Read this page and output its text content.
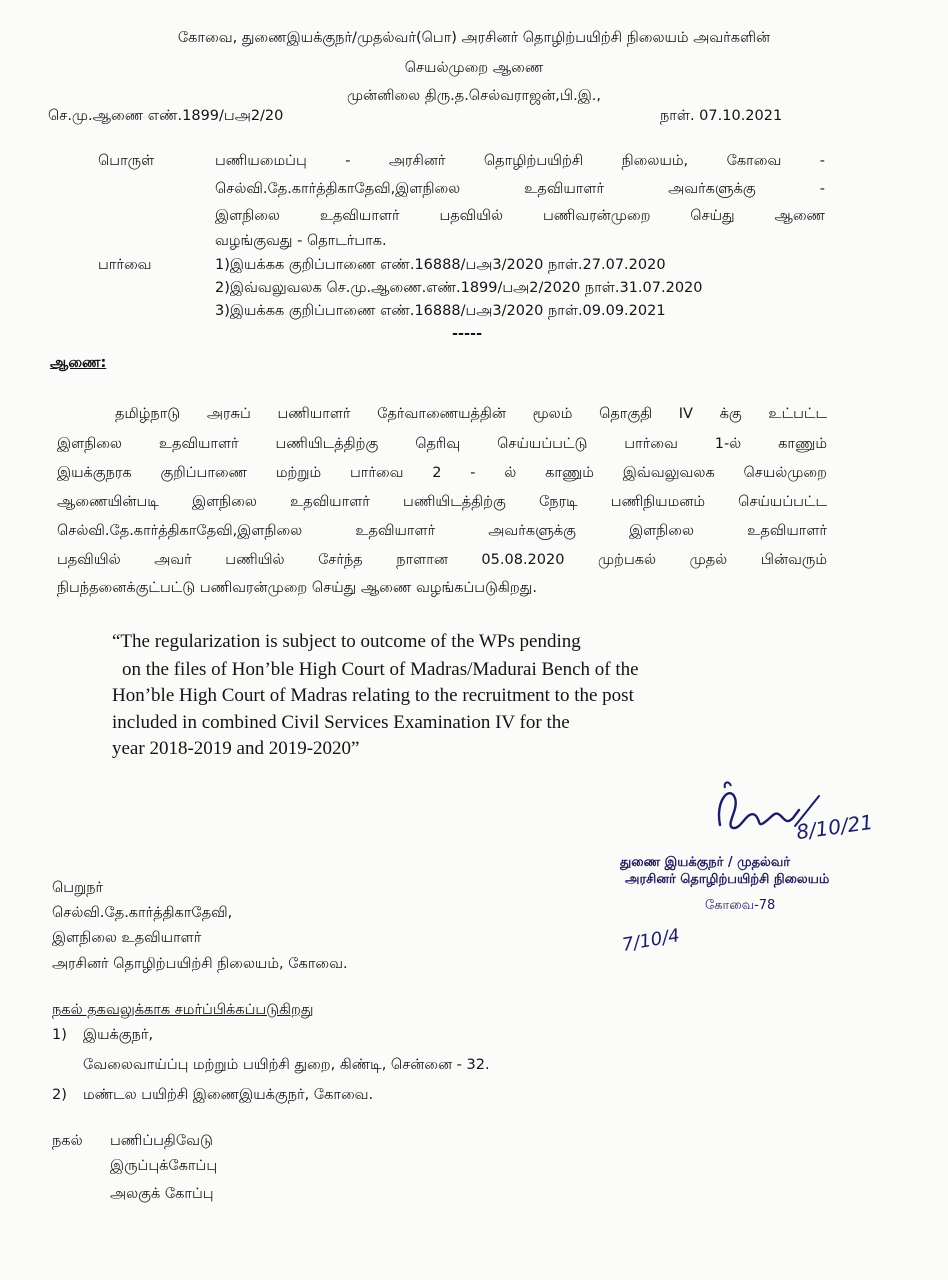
கோவை, துணைஇயக்குநர்/முதல்வர்(பொ) அரசினர் தொழிற்பயிற்சி நிலையம் அவர்களின்
செயல்முறை ஆணை
முன்னிலை திரு.த.செல்வராஜன்,பி.இ.,
செ.மு.ஆணை எண்.1899/பஅ2/20	நாள். 07.10.2021
பொருள்	பணியமைப்பு - அரசினர் தொழிற்பயிற்சி நிலையம், கோவை -
செல்வி.தே.கார்த்திகாதேவி,இளநிலை உதவியாளர் அவர்களுக்கு -
இளநிலை உதவியாளர் பதவியில் பணிவரன்முறை செய்து ஆணை
வழங்குவது - தொடர்பாக.
பார்வை	1)இயக்கக குறிப்பாணை எண்.16888/பஅ3/2020 நாள்.27.07.2020
2)இவ்வலுவலக செ.மு.ஆணை.எண்.1899/பஅ2/2020 நாள்.31.07.2020
3)இயக்கக குறிப்பாணை எண்.16888/பஅ3/2020 நாள்.09.09.2021
-----
ஆணை:
தமிழ்நாடு அரசுப் பணியாளர் தேர்வாணையத்தின் மூலம் தொகுதி IV க்கு உட்பட்ட
இளநிலை உதவியாளர் பணியிடத்திற்கு தெரிவு செய்யப்பட்டு பார்வை 1-ல் காணும்
இயக்குநரக குறிப்பாணை மற்றும் பார்வை 2 - ல் காணும் இவ்வலுவலக செயல்முறை
ஆணையின்படி இளநிலை உதவியாளர் பணியிடத்திற்கு நேரடி பணிநியமனம் செய்யப்பட்ட
செல்வி.தே.கார்த்திகாதேவி,இளநிலை உதவியாளர் அவர்களுக்கு இளநிலை உதவியாளர்
பதவியில் அவர் பணியில் சேர்ந்த நாளான 05.08.2020 முற்பகல் முதல் பின்வரும்
நிபந்தனைக்குட்பட்டு பணிவரன்முறை செய்து ஆணை வழங்கப்படுகிறது.
“The regularization is subject to outcome of the WPs pending
on the files of Hon’ble High Court of Madras/Madurai Bench of the
Hon’ble High Court of Madras relating to the recruitment to the post
included in combined Civil Services Examination IV for the
year 2018-2019 and 2019-2020”
8/10/21
துணை இயக்குநர் / முதல்வர்
அரசினர் தொழிற்பயிற்சி நிலையம்
கோவை-78
7/10/4
பெறுநர்
செல்வி.தே.கார்த்திகாதேவி,
இளநிலை உதவியாளர்
அரசினர் தொழிற்பயிற்சி நிலையம், கோவை.
நகல் தகவலுக்காக சமர்ப்பிக்கப்படுகிறது
1) இயக்குநர்,
வேலைவாய்ப்பு மற்றும் பயிற்சி துறை, கிண்டி, சென்னை - 32.
2) மண்டல பயிற்சி இணைஇயக்குநர், கோவை.
நகல் பணிப்பதிவேடு
இருப்புக்கோப்பு
அலகுக் கோப்பு
